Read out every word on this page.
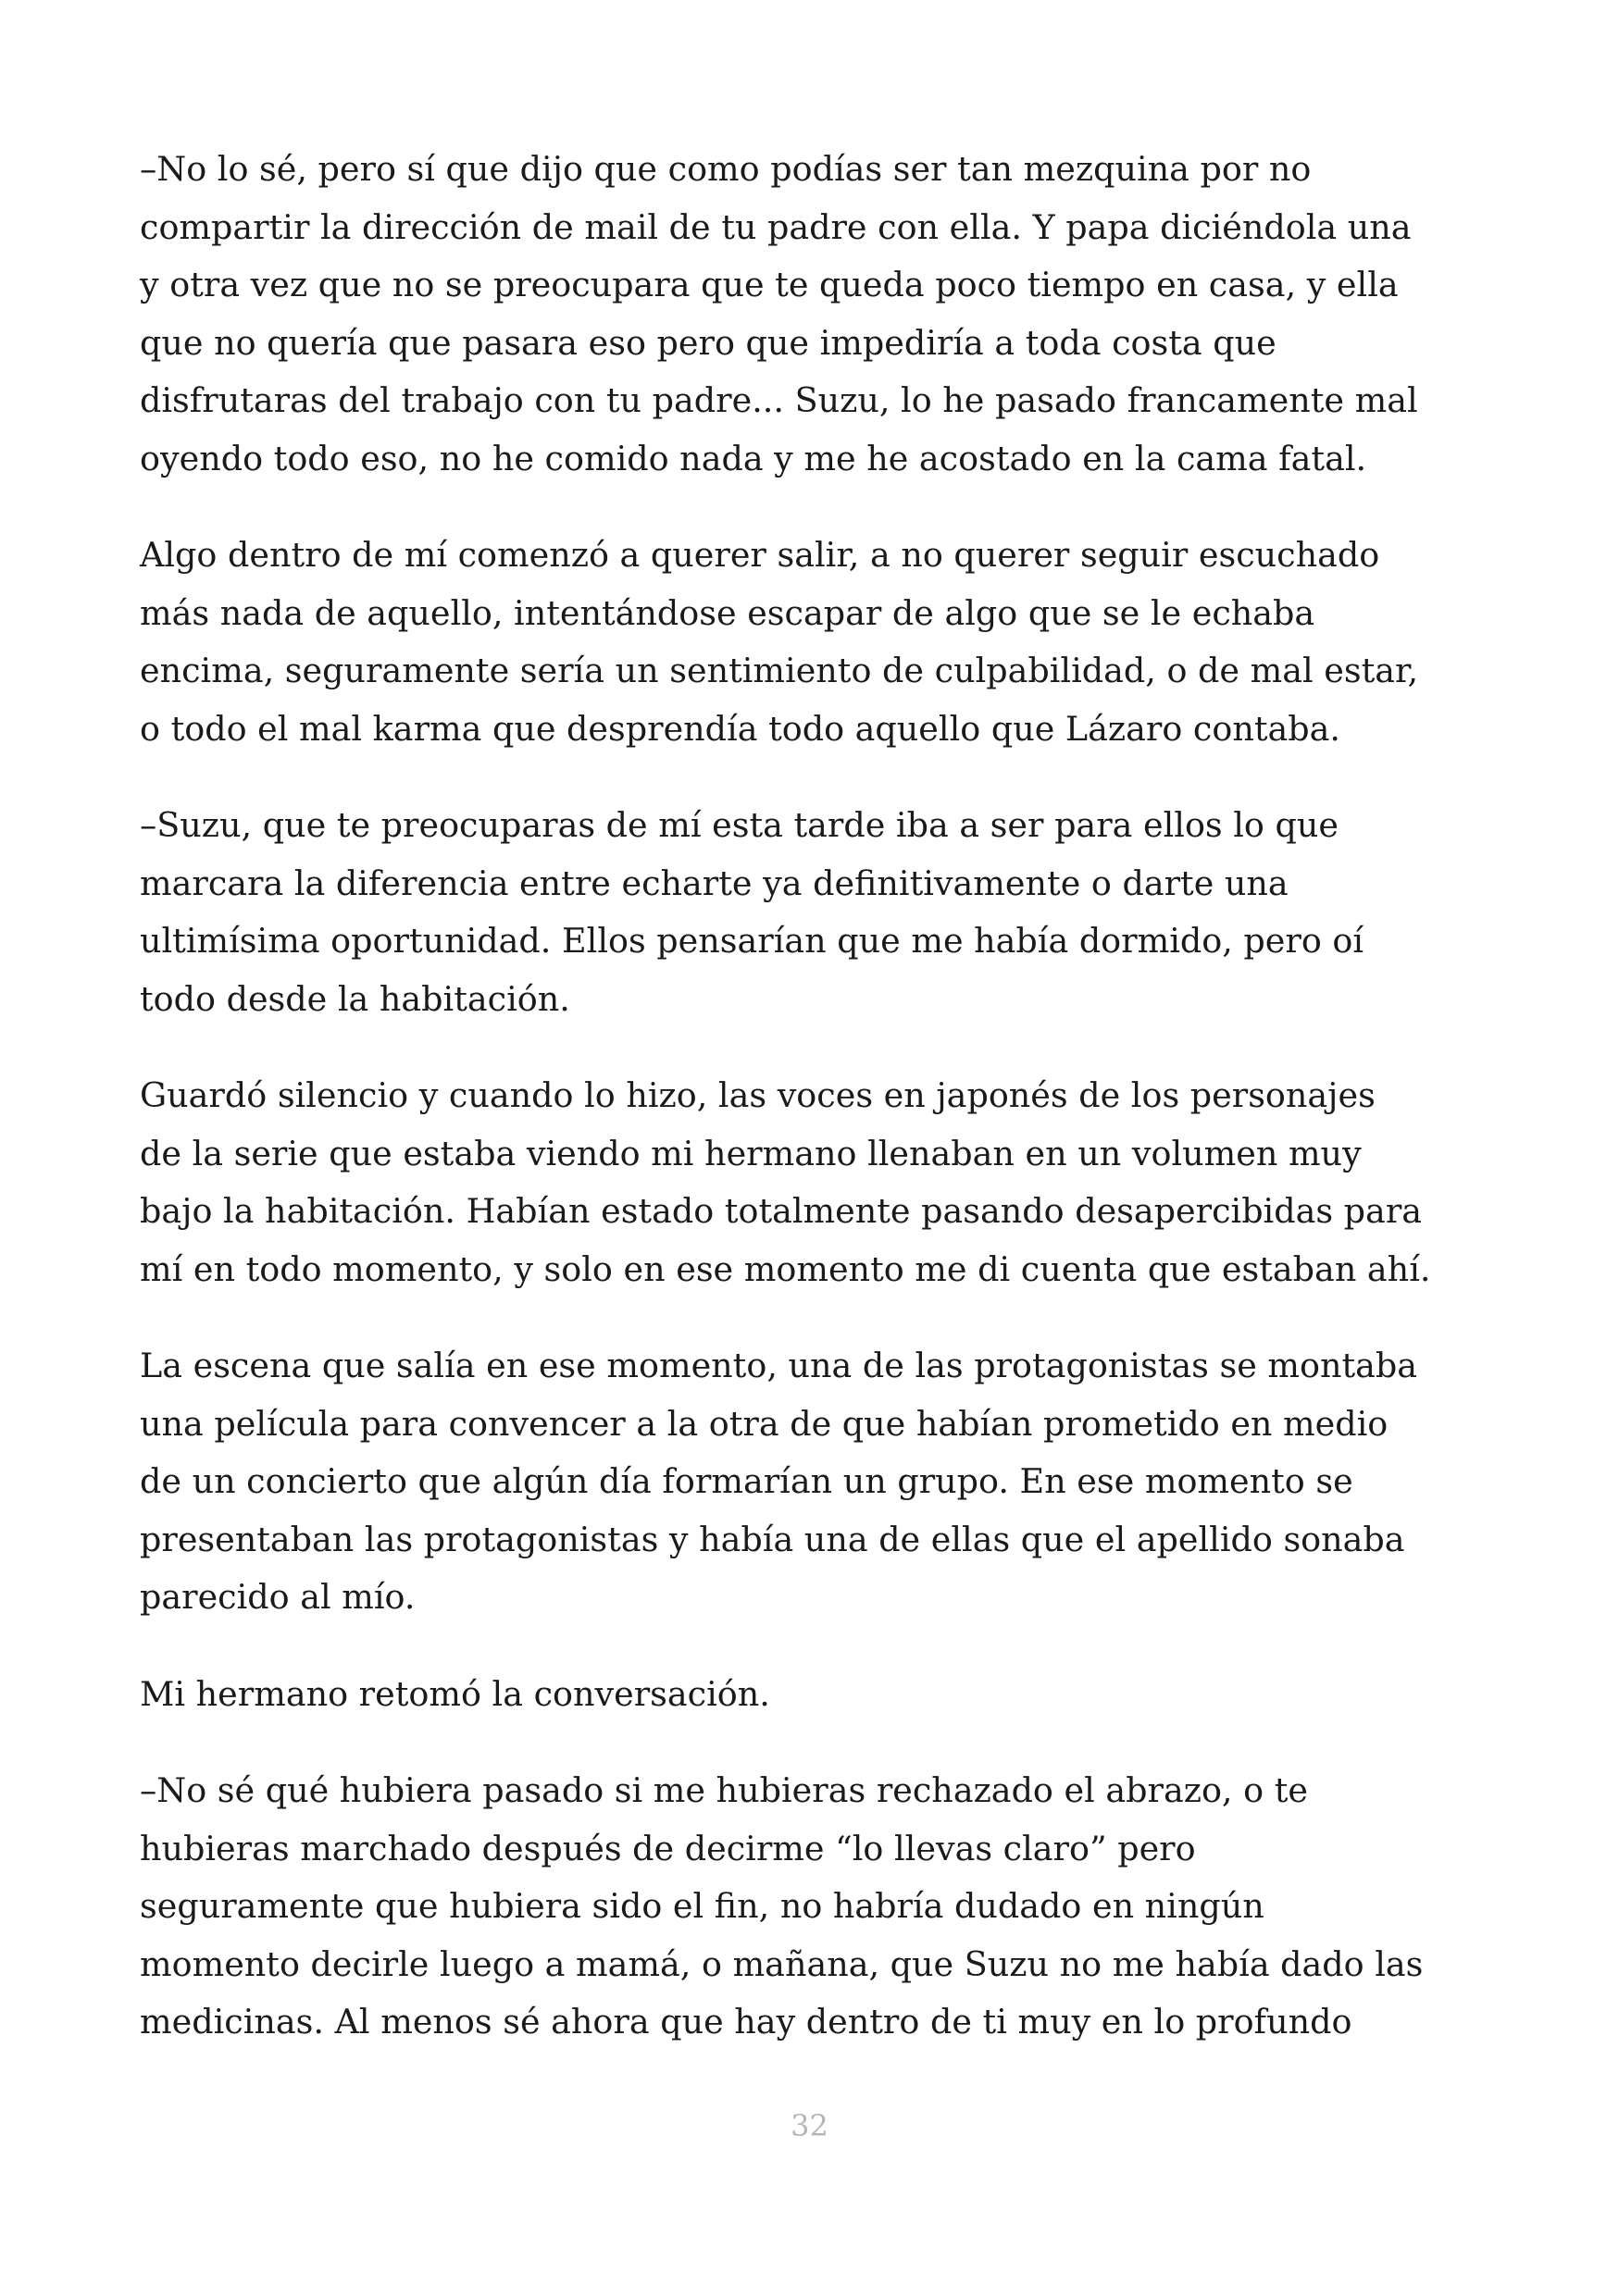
–No lo sé, pero sí que dijo que como podías ser tan mezquina por no
compartir la dirección de mail de tu padre con ella. Y papa diciéndola una
y otra vez que no se preocupara que te queda poco tiempo en casa, y ella
que no quería que pasara eso pero que impediría a toda costa que
disfrutaras del trabajo con tu padre... Suzu, lo he pasado francamente mal
oyendo todo eso, no he comido nada y me he acostado en la cama fatal.

Algo dentro de mí comenzó a querer salir, a no querer seguir escuchado
más nada de aquello, intentándose escapar de algo que se le echaba
encima, seguramente sería un sentimiento de culpabilidad, o de mal estar,
o todo el mal karma que desprendía todo aquello que Lázaro contaba.

–Suzu, que te preocuparas de mí esta tarde iba a ser para ellos lo que
marcara la diferencia entre echarte ya definitivamente o darte una
ultimísima oportunidad. Ellos pensarían que me había dormido, pero oí
todo desde la habitación.

Guardó silencio y cuando lo hizo, las voces en japonés de los personajes
de la serie que estaba viendo mi hermano llenaban en un volumen muy
bajo la habitación. Habían estado totalmente pasando desapercibidas para
mí en todo momento, y solo en ese momento me di cuenta que estaban ahí.

La escena que salía en ese momento, una de las protagonistas se montaba
una película para convencer a la otra de que habían prometido en medio
de un concierto que algún día formarían un grupo. En ese momento se
presentaban las protagonistas y había una de ellas que el apellido sonaba
parecido al mío.

Mi hermano retomó la conversación.

–No sé qué hubiera pasado si me hubieras rechazado el abrazo, o te
hubieras marchado después de decirme “lo llevas claro” pero
seguramente que hubiera sido el fin, no habría dudado en ningún
momento decirle luego a mamá, o mañana, que Suzu no me había dado las
medicinas. Al menos sé ahora que hay dentro de ti muy en lo profundo

32
